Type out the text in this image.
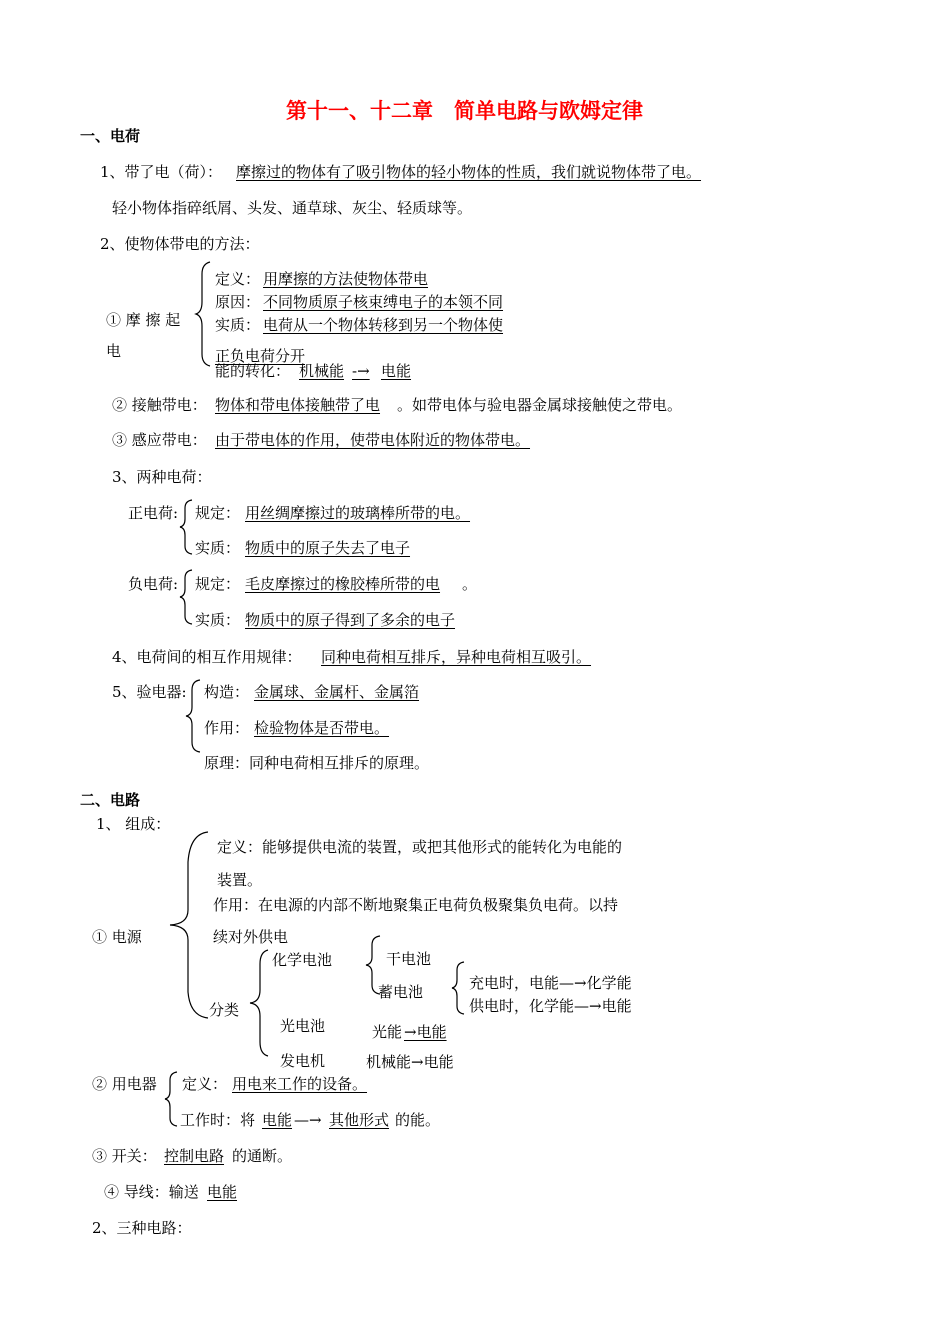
第十一、十二章　简单电路与欧姆定律
一、电荷
1、带了电（荷）： 摩擦过的物体有了吸引物体的轻小物体的性质，我们就说物体带了电。
轻小物体指碎纸屑、头发、通草球、灰尘、轻质球等。
2、使物体带电的方法：
① 摩 擦 起
电
定义： 用摩擦的方法使物体带电
原因： 不同物质原子核束缚电子的本领不同
实质： 电荷从一个物体转移到另一个物体使
正负电荷分开
能的转化： 机械能 -→ 电能
② 接触带电： 物体和带电体接触带了电 。如带电体与验电器金属球接触使之带电。
③ 感应带电： 由于带电体的作用，使带电体附近的物体带电。
3、两种电荷：
正电荷: 规定： 用丝绸摩擦过的玻璃棒所带的电。
实质： 物质中的原子失去了电子
负电荷: 规定： 毛皮摩擦过的橡胶棒所带的电 。
实质： 物质中的原子得到了多余的电子
4、电荷间的相互作用规律： 同种电荷相互排斥，异种电荷相互吸引。
5、验电器: 构造： 金属球、金属杆、金属箔
作用： 检验物体是否带电。
原理：同种电荷相互排斥的原理。
二、电路
1、 组成：
① 电源
定义：能够提供电流的装置，或把其他形式的能转化为电能的
装置。
作用：在电源的内部不断地聚集正电荷负极聚集负电荷。以持
续对外供电
分类
化学电池	干电池
蓄电池	充电时，电能—→化学能
供电时，化学能—→电能
光电池	光能 →电能
发电机	机械能→电能
② 用电器 定义： 用电来工作的设备。
工作时：将 电能 —→ 其他形式 的能。
③ 开关： 控制电路 的通断。
④ 导线：输送 电能
2、三种电路：
